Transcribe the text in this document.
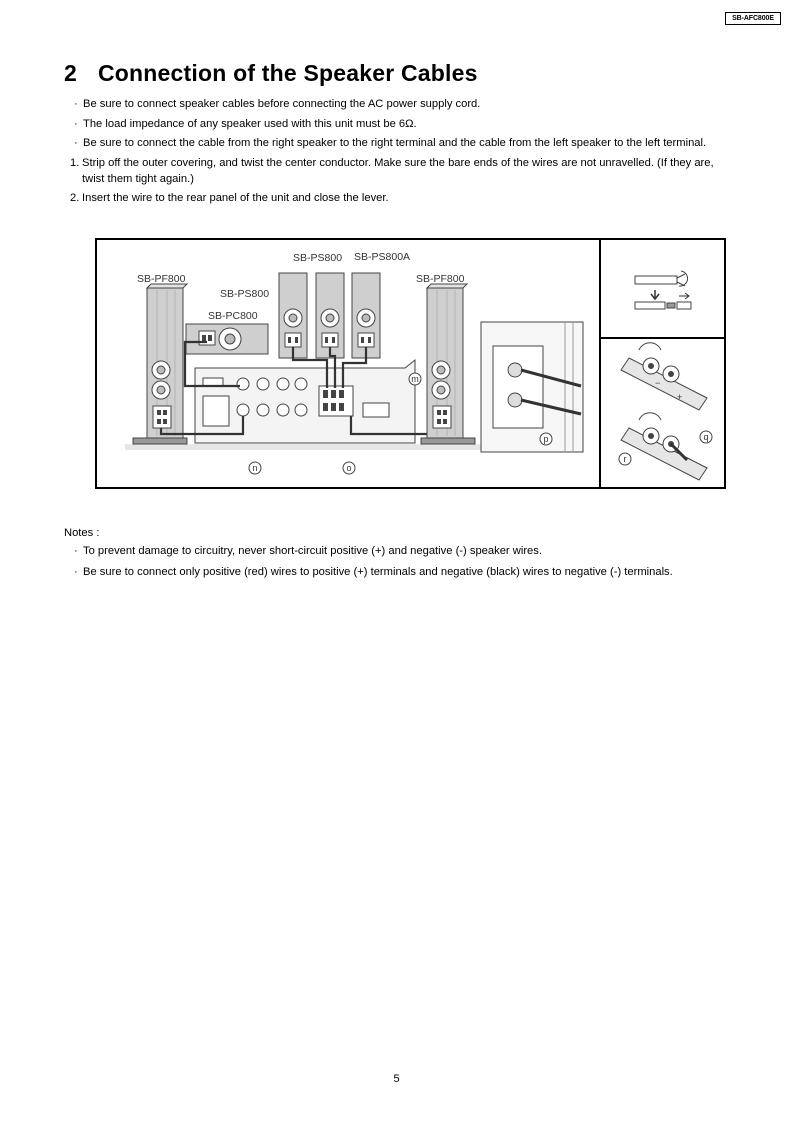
SB-AFC800E
2 Connection of the Speaker Cables
· Be sure to connect speaker cables before connecting the AC power supply cord.
· The load impedance of any speaker used with this unit must be 6Ω.
· Be sure to connect the cable from the right speaker to the right terminal and the cable from the left speaker to the left terminal.
1. Strip off the outer covering, and twist the center conductor. Make sure the bare ends of the wires are not unravelled. (If they are,
twist them tight again.)
2. Insert the wire to the rear panel of the unit and close the lever.
SB-PF800	SB-PF800
SB-PS800
SB-PS800 SB-PS800A
SB-PC800
m
n	o
p	q
r
+
−
Notes :
· To prevent damage to circuitry, never short-circuit positive (+) and negative (-) speaker wires.
· Be sure to connect only positive (red) wires to positive (+) terminals and negative (black) wires to negative (-) terminals.
5
